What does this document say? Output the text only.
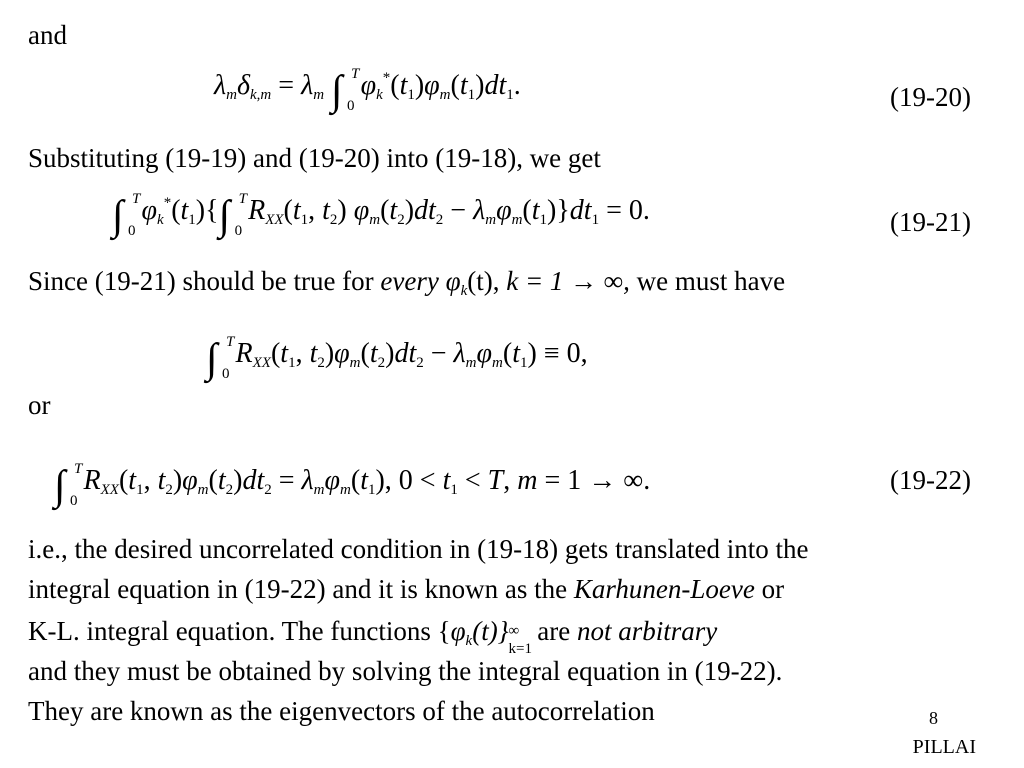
and
$\lambda_m\delta_{k,m} = \lambda_m$ ∫ T
0
$\varphi_k^*(t_1)\varphi_m(t_1)dt_1$.	(19-20)
Substituting (19-19) and (19-20) into (19-18), we get
∫ T
0
$\varphi_k^*(t_1)\{\int$ T
0
$R_{XX}(t_1$, $t_2$) $\varphi_m(t_2)dt_2 - \lambda_m\varphi_m(t_1)\}dt_1 = 0$.	(19-21)
Since (19-21) should be true for every $\varphi_k(t)$, k = 1 → ∞, we must have
∫ T
0
$R_{XX}(t_1$, $t_2)\varphi_m(t_2)dt_2 - \lambda_m\varphi_m(t_1) \equiv 0$,
or
∫ T
0
$R_{XX}(t_1$, $t_2)\varphi_m(t_2)dt_2 = \lambda_m\varphi_m(t_1)$, $0 < t_1 < T$, m = 1 → ∞.	(19-22)
i.e., the desired uncorrelated condition in (19-18) gets translated into the
integral equation in (19-22) and it is known as the Karhunen-Loeve or
K-L. integral equation. The functions $\{\varphi_k(t)\}$ ∞
k=1
are not arbitrary
and they must be obtained by solving the integral equation in (19-22).
They are known as the eigenvectors of the autocorrelation	8
PILLAI
